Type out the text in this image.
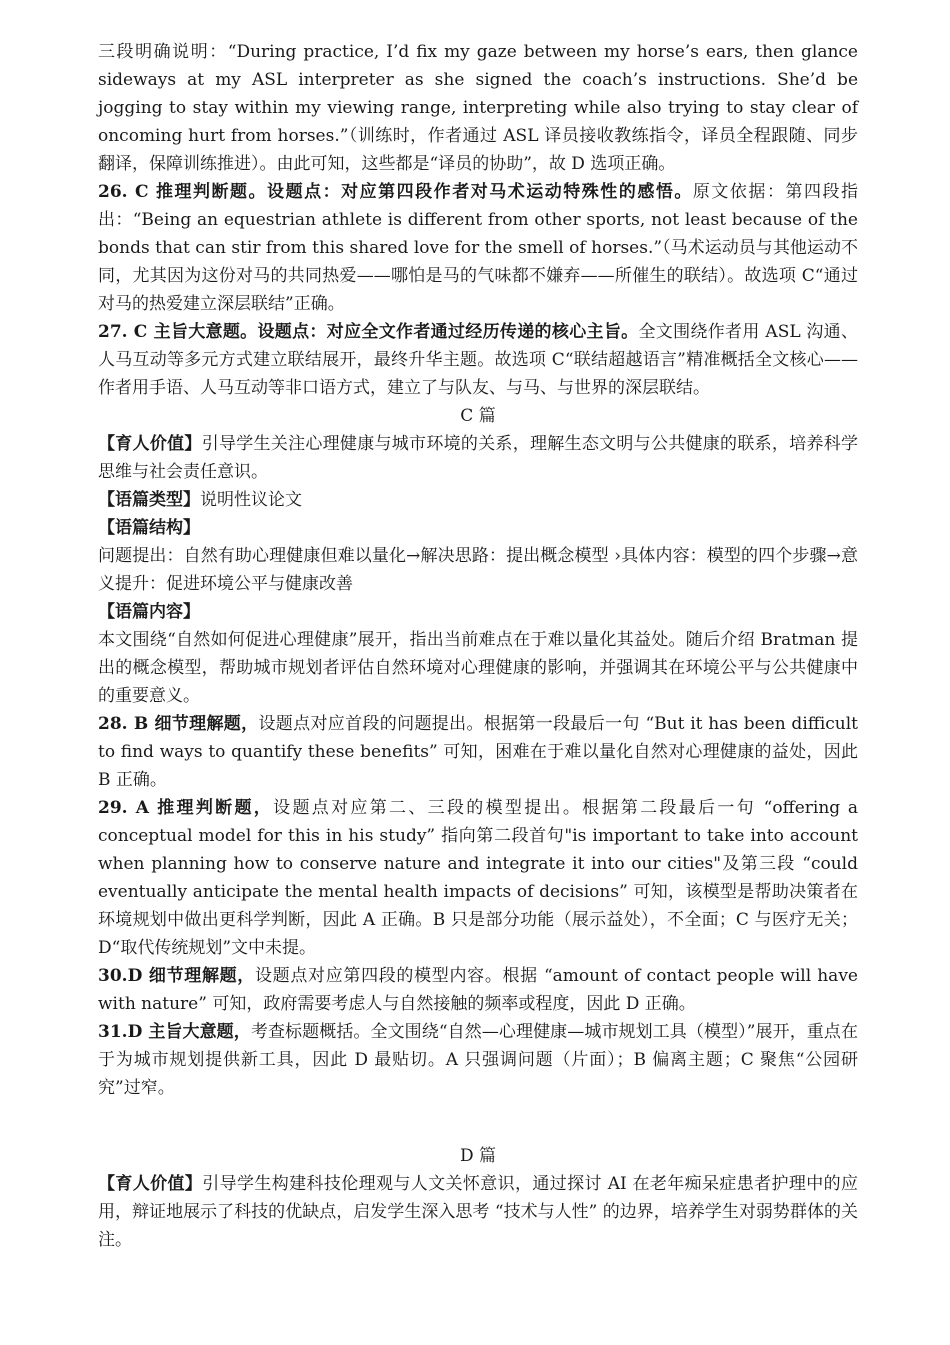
三段明确说明：“During practice, I’d fix my gaze between my horse’s ears, then glance sideways at my ASL interpreter as she signed the coach’s instructions. She’d be jogging to stay within my viewing range, interpreting while also trying to stay clear of oncoming hurt from horses.”（训练时，作者通过 ASL 译员接收教练指令，译员全程跟随、同步翻译，保障训练推进）。由此可知，这些都是“译员的协助”，故 D 选项正确。

26. C 推理判断题。设题点：对应第四段作者对马术运动特殊性的感悟。原文依据：第四段指出：“Being an equestrian athlete is different from other sports, not least because of the bonds that can stir from this shared love for the smell of horses.”（马术运动员与其他运动不同，尤其因为这份对马的共同热爱——哪怕是马的气味都不嫌弃——所催生的联结）。故选项 C“通过对马的热爱建立深层联结”正确。

27. C 主旨大意题。设题点：对应全文作者通过经历传递的核心主旨。全文围绕作者用 ASL 沟通、人马互动等多元方式建立联结展开，最终升华主题。故选项 C“联结超越语言”精准概括全文核心——作者用手语、人马互动等非口语方式，建立了与队友、与马、与世界的深层联结。

C 篇

【育人价值】引导学生关注心理健康与城市环境的关系，理解生态文明与公共健康的联系，培养科学思维与社会责任意识。

【语篇类型】说明性议论文

【语篇结构】

问题提出：自然有助心理健康但难以量化→解决思路：提出概念模型 ›具体内容：模型的四个步骤→意义提升：促进环境公平与健康改善

【语篇内容】

本文围绕“自然如何促进心理健康”展开，指出当前难点在于难以量化其益处。随后介绍 Bratman 提出的概念模型，帮助城市规划者评估自然环境对心理健康的影响，并强调其在环境公平与公共健康中的重要意义。

28. B 细节理解题，设题点对应首段的问题提出。根据第一段最后一句 “But it has been difficult to find ways to quantify these benefits” 可知，困难在于难以量化自然对心理健康的益处，因此 B 正确。

29. A 推理判断题，设题点对应第二、三段的模型提出。根据第二段最后一句 “offering a conceptual model for this in his study” 指向第二段首句"is important to take into account when planning how to conserve nature and integrate it into our cities"及第三段 “could eventually anticipate the mental health impacts of decisions” 可知，该模型是帮助决策者在环境规划中做出更科学判断，因此 A 正确。B 只是部分功能（展示益处），不全面；C 与医疗无关；D“取代传统规划”文中未提。

30.D 细节理解题，设题点对应第四段的模型内容。根据 “amount of contact people will have with nature” 可知，政府需要考虑人与自然接触的频率或程度，因此 D 正确。

31.D 主旨大意题，考查标题概括。全文围绕“自然—心理健康—城市规划工具（模型）”展开，重点在于为城市规划提供新工具，因此 D 最贴切。A 只强调问题（片面）；B 偏离主题；C 聚焦“公园研究”过窄。

D 篇

【育人价值】引导学生构建科技伦理观与人文关怀意识，通过探讨 AI 在老年痴呆症患者护理中的应用，辩证地展示了科技的优缺点，启发学生深入思考 “技术与人性” 的边界，培养学生对弱势群体的关注。
